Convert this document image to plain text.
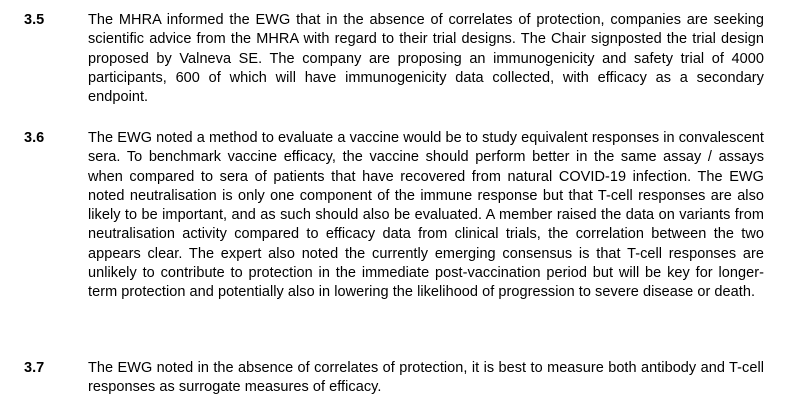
3.5	The MHRA informed the EWG that in the absence of correlates of protection, companies are seeking scientific advice from the MHRA with regard to their trial designs. The Chair signposted the trial design proposed by Valneva SE. The company are proposing an immunogenicity and safety trial of 4000 participants, 600 of which will have immunogenicity data collected, with efficacy as a secondary endpoint.

3.6	The EWG noted a method to evaluate a vaccine would be to study equivalent responses in convalescent sera. To benchmark vaccine efficacy, the vaccine should perform better in the same assay / assays when compared to sera of patients that have recovered from natural COVID-19 infection. The EWG noted neutralisation is only one component of the immune response but that T-cell responses are also likely to be important, and as such should also be evaluated. A member raised the data on variants from neutralisation activity compared to efficacy data from clinical trials, the correlation between the two appears clear. The expert also noted the currently emerging consensus is that T-cell responses are unlikely to contribute to protection in the immediate post-vaccination period but will be key for longer-term protection and potentially also in lowering the likelihood of progression to severe disease or death.

3.7	The EWG noted in the absence of correlates of protection, it is best to measure both antibody and T-cell responses as surrogate measures of efficacy.
